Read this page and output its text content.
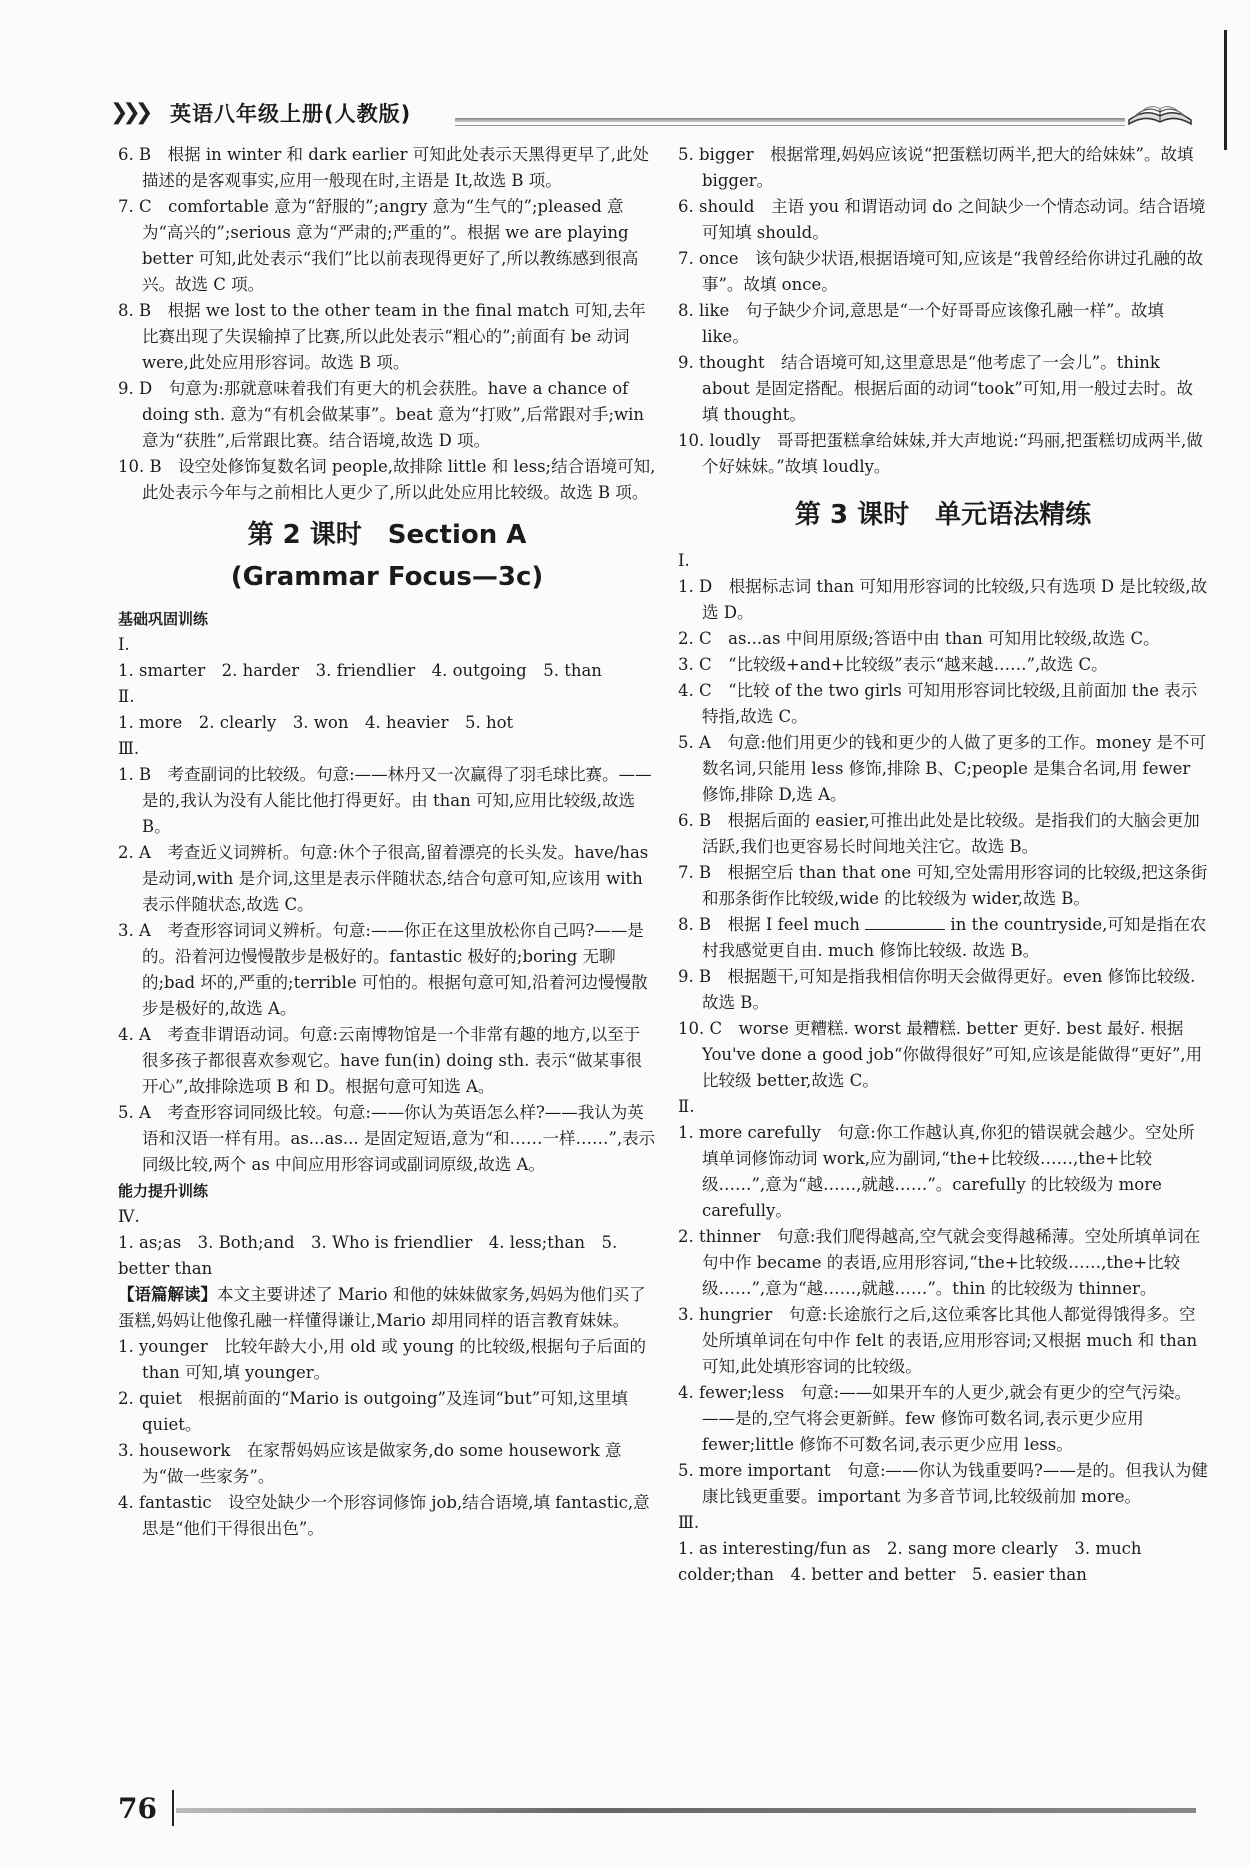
❯❯❯ 英语八年级上册(人教版)

6. B　根据 in winter 和 dark earlier 可知此处表示天黑得更早了,此处描述的是客观事实,应用一般现在时,主语是 It,故选 B 项。

7. C　comfortable 意为“舒服的”;angry 意为“生气的”;pleased 意为“高兴的”;serious 意为“严肃的;严重的”。根据 we are playing better 可知,此处表示“我们”比以前表现得更好了,所以教练感到很高兴。故选 C 项。

8. B　根据 we lost to the other team in the final match 可知,去年比赛出现了失误输掉了比赛,所以此处表示“粗心的”;前面有 be 动词 were,此处应用形容词。故选 B 项。

9. D　句意为:那就意味着我们有更大的机会获胜。have a chance of doing sth. 意为“有机会做某事”。beat 意为“打败”,后常跟对手;win 意为“获胜”,后常跟比赛。结合语境,故选 D 项。

10. B　设空处修饰复数名词 people,故排除 little 和 less;结合语境可知,此处表示今年与之前相比人更少了,所以此处应用比较级。故选 B 项。

第 2 课时　Section A
(Grammar Focus—3c)
基础巩固训练

Ⅰ.

1. smarter　2. harder　3. friendlier　4. outgoing　5. than

Ⅱ.

1. more　2. clearly　3. won　4. heavier　5. hot

Ⅲ.

1. B　考查副词的比较级。句意:——林丹又一次赢得了羽毛球比赛。——是的,我认为没有人能比他打得更好。由 than 可知,应用比较级,故选 B。

2. A　考查近义词辨析。句意:休个子很高,留着漂亮的长头发。have/has 是动词,with 是介词,这里是表示伴随状态,结合句意可知,应该用 with 表示伴随状态,故选 C。

3. A　考查形容词词义辨析。句意:——你正在这里放松你自己吗?——是的。沿着河边慢慢散步是极好的。fantastic 极好的;boring 无聊的;bad 坏的,严重的;terrible 可怕的。根据句意可知,沿着河边慢慢散步是极好的,故选 A。

4. A　考查非谓语动词。句意:云南博物馆是一个非常有趣的地方,以至于很多孩子都很喜欢参观它。have fun(in) doing sth. 表示“做某事很开心”,故排除选项 B 和 D。根据句意可知选 A。

5. A　考查形容词同级比较。句意:——你认为英语怎么样?——我认为英语和汉语一样有用。as...as... 是固定短语,意为“和……一样……”,表示同级比较,两个 as 中间应用形容词或副词原级,故选 A。

能力提升训练

Ⅳ.

1. as;as　3. Both;and　3. Who is friendlier　4. less;than　5. better than

【语篇解读】本文主要讲述了 Mario 和他的妹妹做家务,妈妈为他们买了蛋糕,妈妈让他像孔融一样懂得谦让,Mario 却用同样的语言教育妹妹。

1. younger　比较年龄大小,用 old 或 young 的比较级,根据句子后面的 than 可知,填 younger。

2. quiet　根据前面的“Mario is outgoing”及连词“but”可知,这里填 quiet。

3. housework　在家帮妈妈应该是做家务,do some housework 意为“做一些家务”。

4. fantastic　设空处缺少一个形容词修饰 job,结合语境,填 fantastic,意思是“他们干得很出色”。

5. bigger　根据常理,妈妈应该说“把蛋糕切两半,把大的给妹妹”。故填 bigger。

6. should　主语 you 和谓语动词 do 之间缺少一个情态动词。结合语境可知填 should。

7. once　该句缺少状语,根据语境可知,应该是“我曾经给你讲过孔融的故事”。故填 once。

8. like　句子缺少介词,意思是“一个好哥哥应该像孔融一样”。故填 like。

9. thought　结合语境可知,这里意思是“他考虑了一会儿”。think about 是固定搭配。根据后面的动词“took”可知,用一般过去时。故填 thought。

10. loudly　哥哥把蛋糕拿给妹妹,并大声地说:“玛丽,把蛋糕切成两半,做个好妹妹。”故填 loudly。

第 3 课时　单元语法精练

Ⅰ.

1. D　根据标志词 than 可知用形容词的比较级,只有选项 D 是比较级,故选 D。

2. C　as...as 中间用原级;答语中由 than 可知用比较级,故选 C。

3. C　“比较级+and+比较级”表示“越来越……”,故选 C。

4. C　“比较 of the two girls 可知用形容词比较级,且前面加 the 表示特指,故选 C。

5. A　句意:他们用更少的钱和更少的人做了更多的工作。money 是不可数名词,只能用 less 修饰,排除 B、C;people 是集合名词,用 fewer 修饰,排除 D,选 A。

6. B　根据后面的 easier,可推出此处是比较级。是指我们的大脑会更加活跃,我们也更容易长时间地关注它。故选 B。

7. B　根据空后 than that one 可知,空处需用形容词的比较级,把这条街和那条街作比较级,wide 的比较级为 wider,故选 B。

8. B　根据 I feel much	in the countryside,可知是指在农村我感觉更自由. much 修饰比较级. 故选 B。

9. B　根据题干,可知是指我相信你明天会做得更好。even 修饰比较级. 故选 B。

10. C　worse 更糟糕. worst 最糟糕. better 更好. best 最好. 根据 You've done a good job“你做得很好”可知,应该是能做得“更好”,用比较级 better,故选 C。

Ⅱ.

1. more carefully　句意:你工作越认真,你犯的错误就会越少。空处所填单词修饰动词 work,应为副词,“the+比较级……,the+比较级……”,意为“越……,就越……”。carefully 的比较级为 more carefully。

2. thinner　句意:我们爬得越高,空气就会变得越稀薄。空处所填单词在句中作 became 的表语,应用形容词,“the+比较级……,the+比较级……”,意为“越……,就越……”。thin 的比较级为 thinner。

3. hungrier　句意:长途旅行之后,这位乘客比其他人都觉得饿得多。空处所填单词在句中作 felt 的表语,应用形容词;又根据 much 和 than 可知,此处填形容词的比较级。

4. fewer;less　句意:——如果开车的人更少,就会有更少的空气污染。——是的,空气将会更新鲜。few 修饰可数名词,表示更少应用 fewer;little 修饰不可数名词,表示更少应用 less。

5. more important　句意:——你认为钱重要吗?——是的。但我认为健康比钱更重要。important 为多音节词,比较级前加 more。

Ⅲ.

1. as interesting/fun as　2. sang more clearly　3. much colder;than　4. better and better　5. easier than

76
